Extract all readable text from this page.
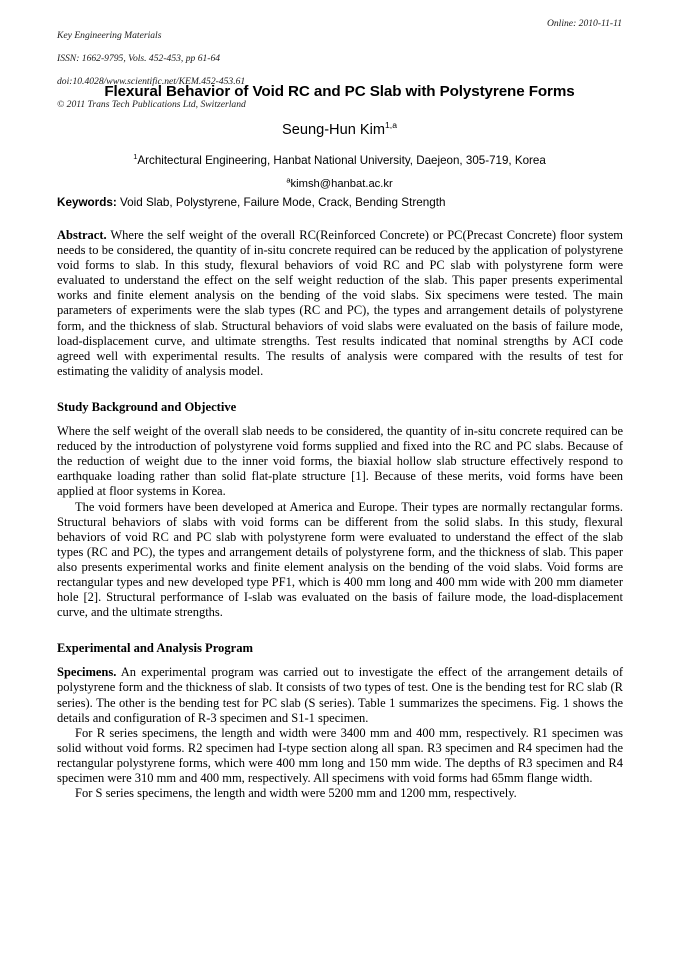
Key Engineering Materials

ISSN: 1662-9795, Vols. 452-453, pp 61-64

doi:10.4028/www.scientific.net/KEM.452-453.61

© 2011 Trans Tech Publications Ltd, Switzerland

Online: 2010-11-11
Flexural Behavior of Void RC and PC Slab with Polystyrene Forms

Seung-Hun Kim$^{1,a}$

$^1$Architectural Engineering, Hanbat National University, Daejeon, 305-719, Korea

$^a$kimsh@hanbat.ac.kr

Keywords: Void Slab, Polystyrene, Failure Mode, Crack, Bending Strength

Abstract. Where the self weight of the overall RC(Reinforced Concrete) or PC(Precast Concrete) floor system needs to be considered, the quantity of in-situ concrete required can be reduced by the application of polystyrene void forms to slab. In this study, flexural behaviors of void RC and PC slab with polystyrene form were evaluated to understand the effect on the self weight reduction of the slab. This paper presents experimental works and finite element analysis on the bending of the void slabs. Six specimens were tested. The main parameters of experiments were the slab types (RC and PC), the types and arrangement details of polystyrene form, and the thickness of slab. Structural behaviors of void slabs were evaluated on the basis of failure mode, load-displacement curve, and ultimate strengths. Test results indicated that nominal strengths by ACI code agreed well with experimental results. The results of analysis were compared with the results of test for estimating the validity of analysis model.

Study Background and Objective

Where the self weight of the overall slab needs to be considered, the quantity of in-situ concrete required can be reduced by the introduction of polystyrene void forms supplied and fixed into the RC and PC slabs. Because of the reduction of weight due to the inner void forms, the biaxial hollow slab structure effectively respond to earthquake loading rather than solid flat-plate structure [1]. Because of these merits, void forms have been applied at floor systems in Korea.

The void formers have been developed at America and Europe. Their types are normally rectangular forms. Structural behaviors of slabs with void forms can be different from the solid slabs. In this study, flexural behaviors of void RC and PC slab with polystyrene form were evaluated to understand the effect of the slab types (RC and PC), the types and arrangement details of polystyrene form, and the thickness of slab. This paper also presents experimental works and finite element analysis on the bending of the void slabs. Void forms are rectangular types and new developed type PF1, which is 400 mm long and 400 mm wide with 200 mm diameter hole [2]. Structural performance of I-slab was evaluated on the basis of failure mode, the load-displacement curve, and the ultimate strengths.

Experimental and Analysis Program

Specimens. An experimental program was carried out to investigate the effect of the arrangement details of polystyrene form and the thickness of slab. It consists of two types of test. One is the bending test for RC slab (R series). The other is the bending test for PC slab (S series). Table 1 summarizes the specimens. Fig. 1 shows the details and configuration of R-3 specimen and S1-1 specimen.

For R series specimens, the length and width were 3400 mm and 400 mm, respectively. R1 specimen was solid without void forms. R2 specimen had I-type section along all span. R3 specimen and R4 specimen had the rectangular polystyrene forms, which were 400 mm long and 150 mm wide. The depths of R3 specimen and R4 specimen were 310 mm and 400 mm, respectively. All specimens with void forms had 65mm flange width.

For S series specimens, the length and width were 5200 mm and 1200 mm, respectively.
